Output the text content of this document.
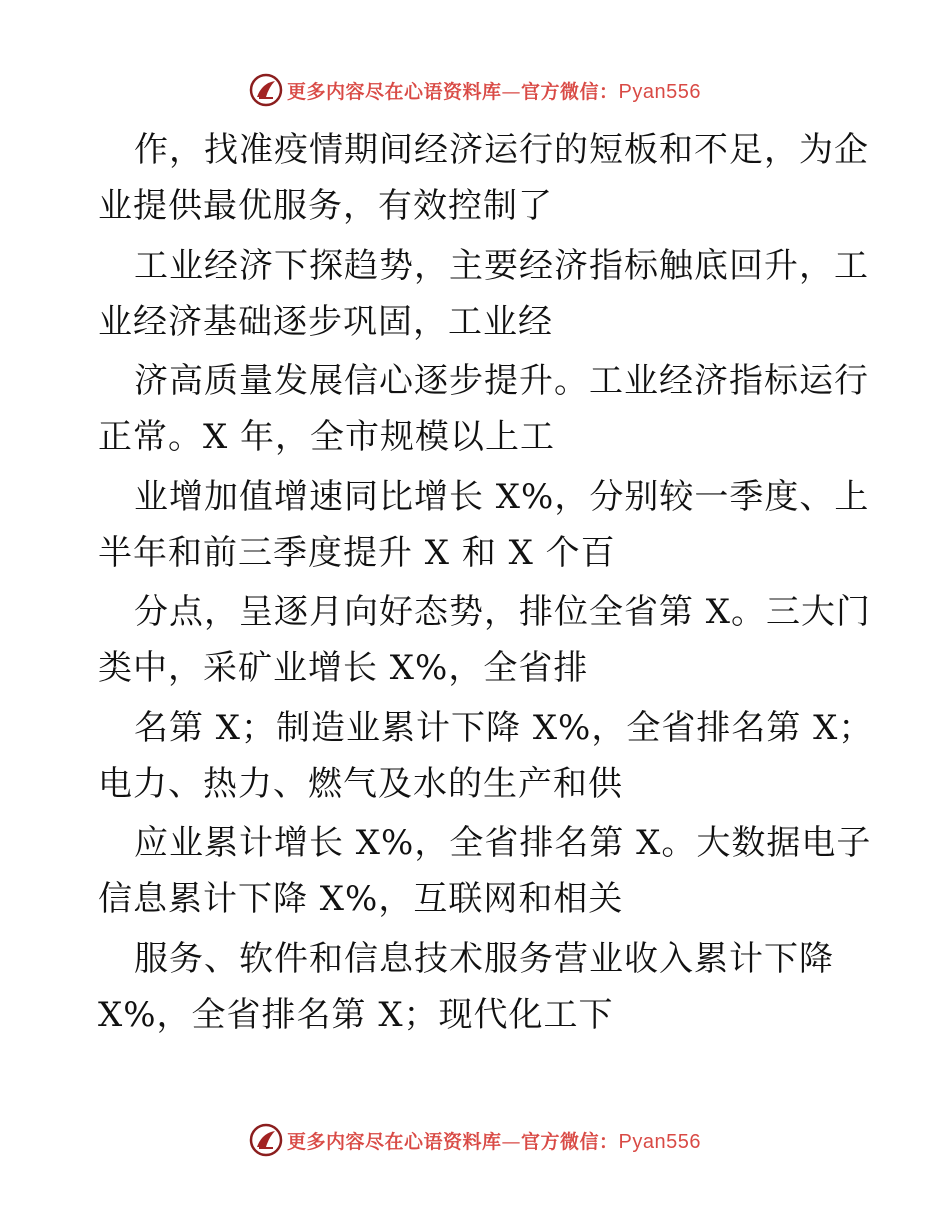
更多内容尽在心语资料库—官方微信：Pyan556
作，找准疫情期间经济运行的短板和不足，为企
业提供最优服务，有效控制了
工业经济下探趋势，主要经济指标触底回升，工
业经济基础逐步巩固，工业经
济高质量发展信心逐步提升。工业经济指标运行
正常。X 年，全市规模以上工
业增加值增速同比增长 X%，分别较一季度、上
半年和前三季度提升 X 和 X 个百
分点，呈逐月向好态势，排位全省第 X。三大门
类中，采矿业增长 X%，全省排
名第 X；制造业累计下降 X%，全省排名第 X；
电力、热力、燃气及水的生产和供
应业累计增长 X%，全省排名第 X。大数据电子
信息累计下降 X%，互联网和相关
服务、软件和信息技术服务营业收入累计下降
X%，全省排名第 X；现代化工下
更多内容尽在心语资料库—官方微信：Pyan556
